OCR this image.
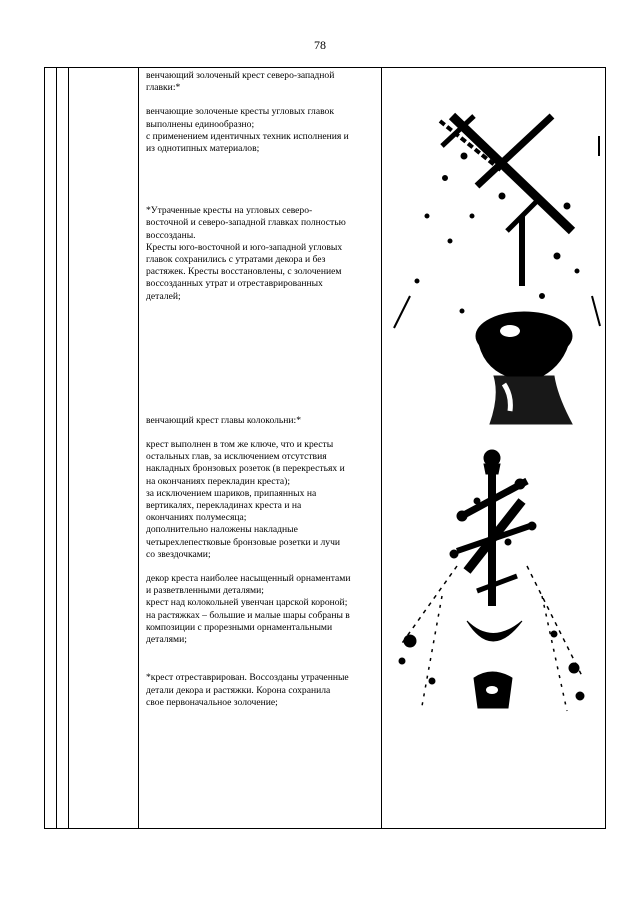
78

венчающий золоченый крест северо-западной
главки:*

венчающие золоченые кресты угловых главок
выполнены единообразно;
с применением идентичных техник исполнения и
из однотипных материалов;

*Утраченные кресты на угловых северо-
восточной и северо-западной главках полностью
воссозданы.
Кресты юго-восточной и юго-западной угловых
главок сохранились с утратами декора и без
растяжек. Кресты восстановлены, с золочением
воссозданных утрат и отреставрированных
деталей;

венчающий крест главы колокольни:*

крест выполнен в том же ключе, что и кресты
остальных глав, за исключением отсутствия
накладных бронзовых розеток (в перекрестьях и
на окончаниях перекладин креста);
за исключением шариков, припаянных на
вертикалях, перекладинах креста и на
окончаниях полумесяца;
дополнительно наложены накладные
четырехлепестковые бронзовые розетки и лучи
со звездочками;

декор креста наиболее насыщенный орнаментами
и разветвленными деталями;
крест над колокольней увенчан царской короной;
на растяжках – большие и малые шары собраны в
композиции с прорезными орнаментальными
деталями;

*крест отреставрирован. Воссозданы утраченные
детали декора и растяжки. Корона сохранила
свое первоначальное золочение;
